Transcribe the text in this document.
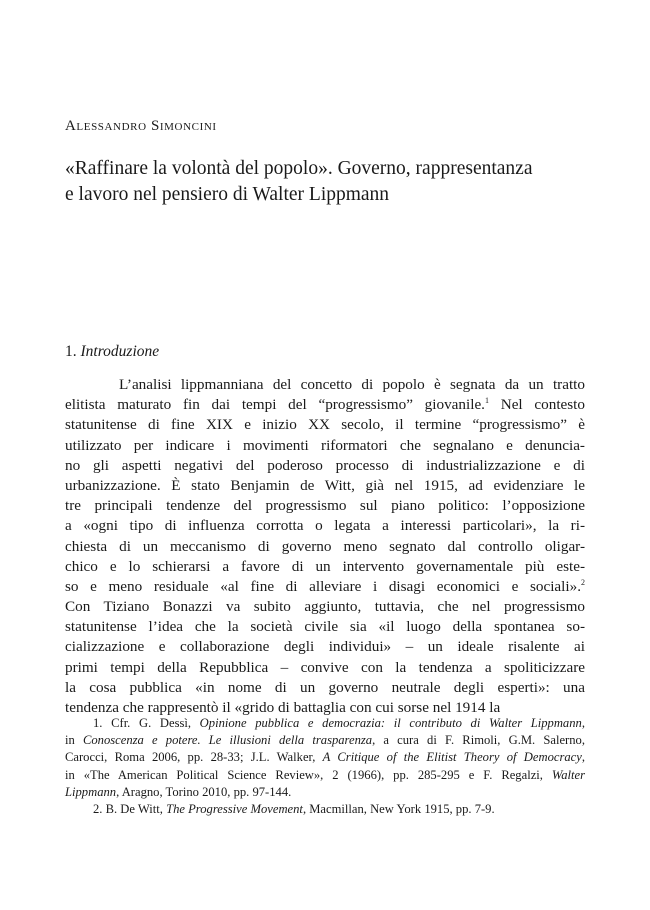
Alessandro Simoncini
«Raffinare la volontà del popolo». Governo, rappresentanza
e lavoro nel pensiero di Walter Lippmann
1. Introduzione
L’analisi lippmanniana del concetto di popolo è segnata da un tratto
elitista maturato fin dai tempi del “progressismo” giovanile.$^1$ Nel contesto
statunitense di fine XIX e inizio XX secolo, il termine “progressismo” è
utilizzato per indicare i movimenti riformatori che segnalano e denuncia-
no gli aspetti negativi del poderoso processo di industrializzazione e di
urbanizzazione. È stato Benjamin de Witt, già nel 1915, ad evidenziare le
tre principali tendenze del progressismo sul piano politico: l’opposizione
a «ogni tipo di influenza corrotta o legata a interessi particolari», la ri-
chiesta di un meccanismo di governo meno segnato dal controllo oligar-
chico e lo schierarsi a favore di un intervento governamentale più este-
so e meno residuale «al fine di alleviare i disagi economici e sociali».$^2$
Con Tiziano Bonazzi va subito aggiunto, tuttavia, che nel progressismo
statunitense l’idea che la società civile sia «il luogo della spontanea so-
cializzazione e collaborazione degli individui» – un ideale risalente ai
primi tempi della Repubblica – convive con la tendenza a spoliticizzare
la cosa pubblica «in nome di un governo neutrale degli esperti»: una
tendenza che rappresentò il «grido di battaglia con cui sorse nel 1914 la
1. Cfr. G. Dessì, Opinione pubblica e democrazia: il contributo di Walter Lippmann,
in Conoscenza e potere. Le illusioni della trasparenza, a cura di F. Rimoli, G.M. Salerno,
Carocci, Roma 2006, pp. 28-33; J.L. Walker, A Critique of the Elitist Theory of Democracy,
in «The American Political Science Review», 2 (1966), pp. 285-295 e F. Regalzi, Walter
Lippmann, Aragno, Torino 2010, pp. 97-144.
2. B. De Witt, The Progressive Movement, Macmillan, New York 1915, pp. 7-9.
